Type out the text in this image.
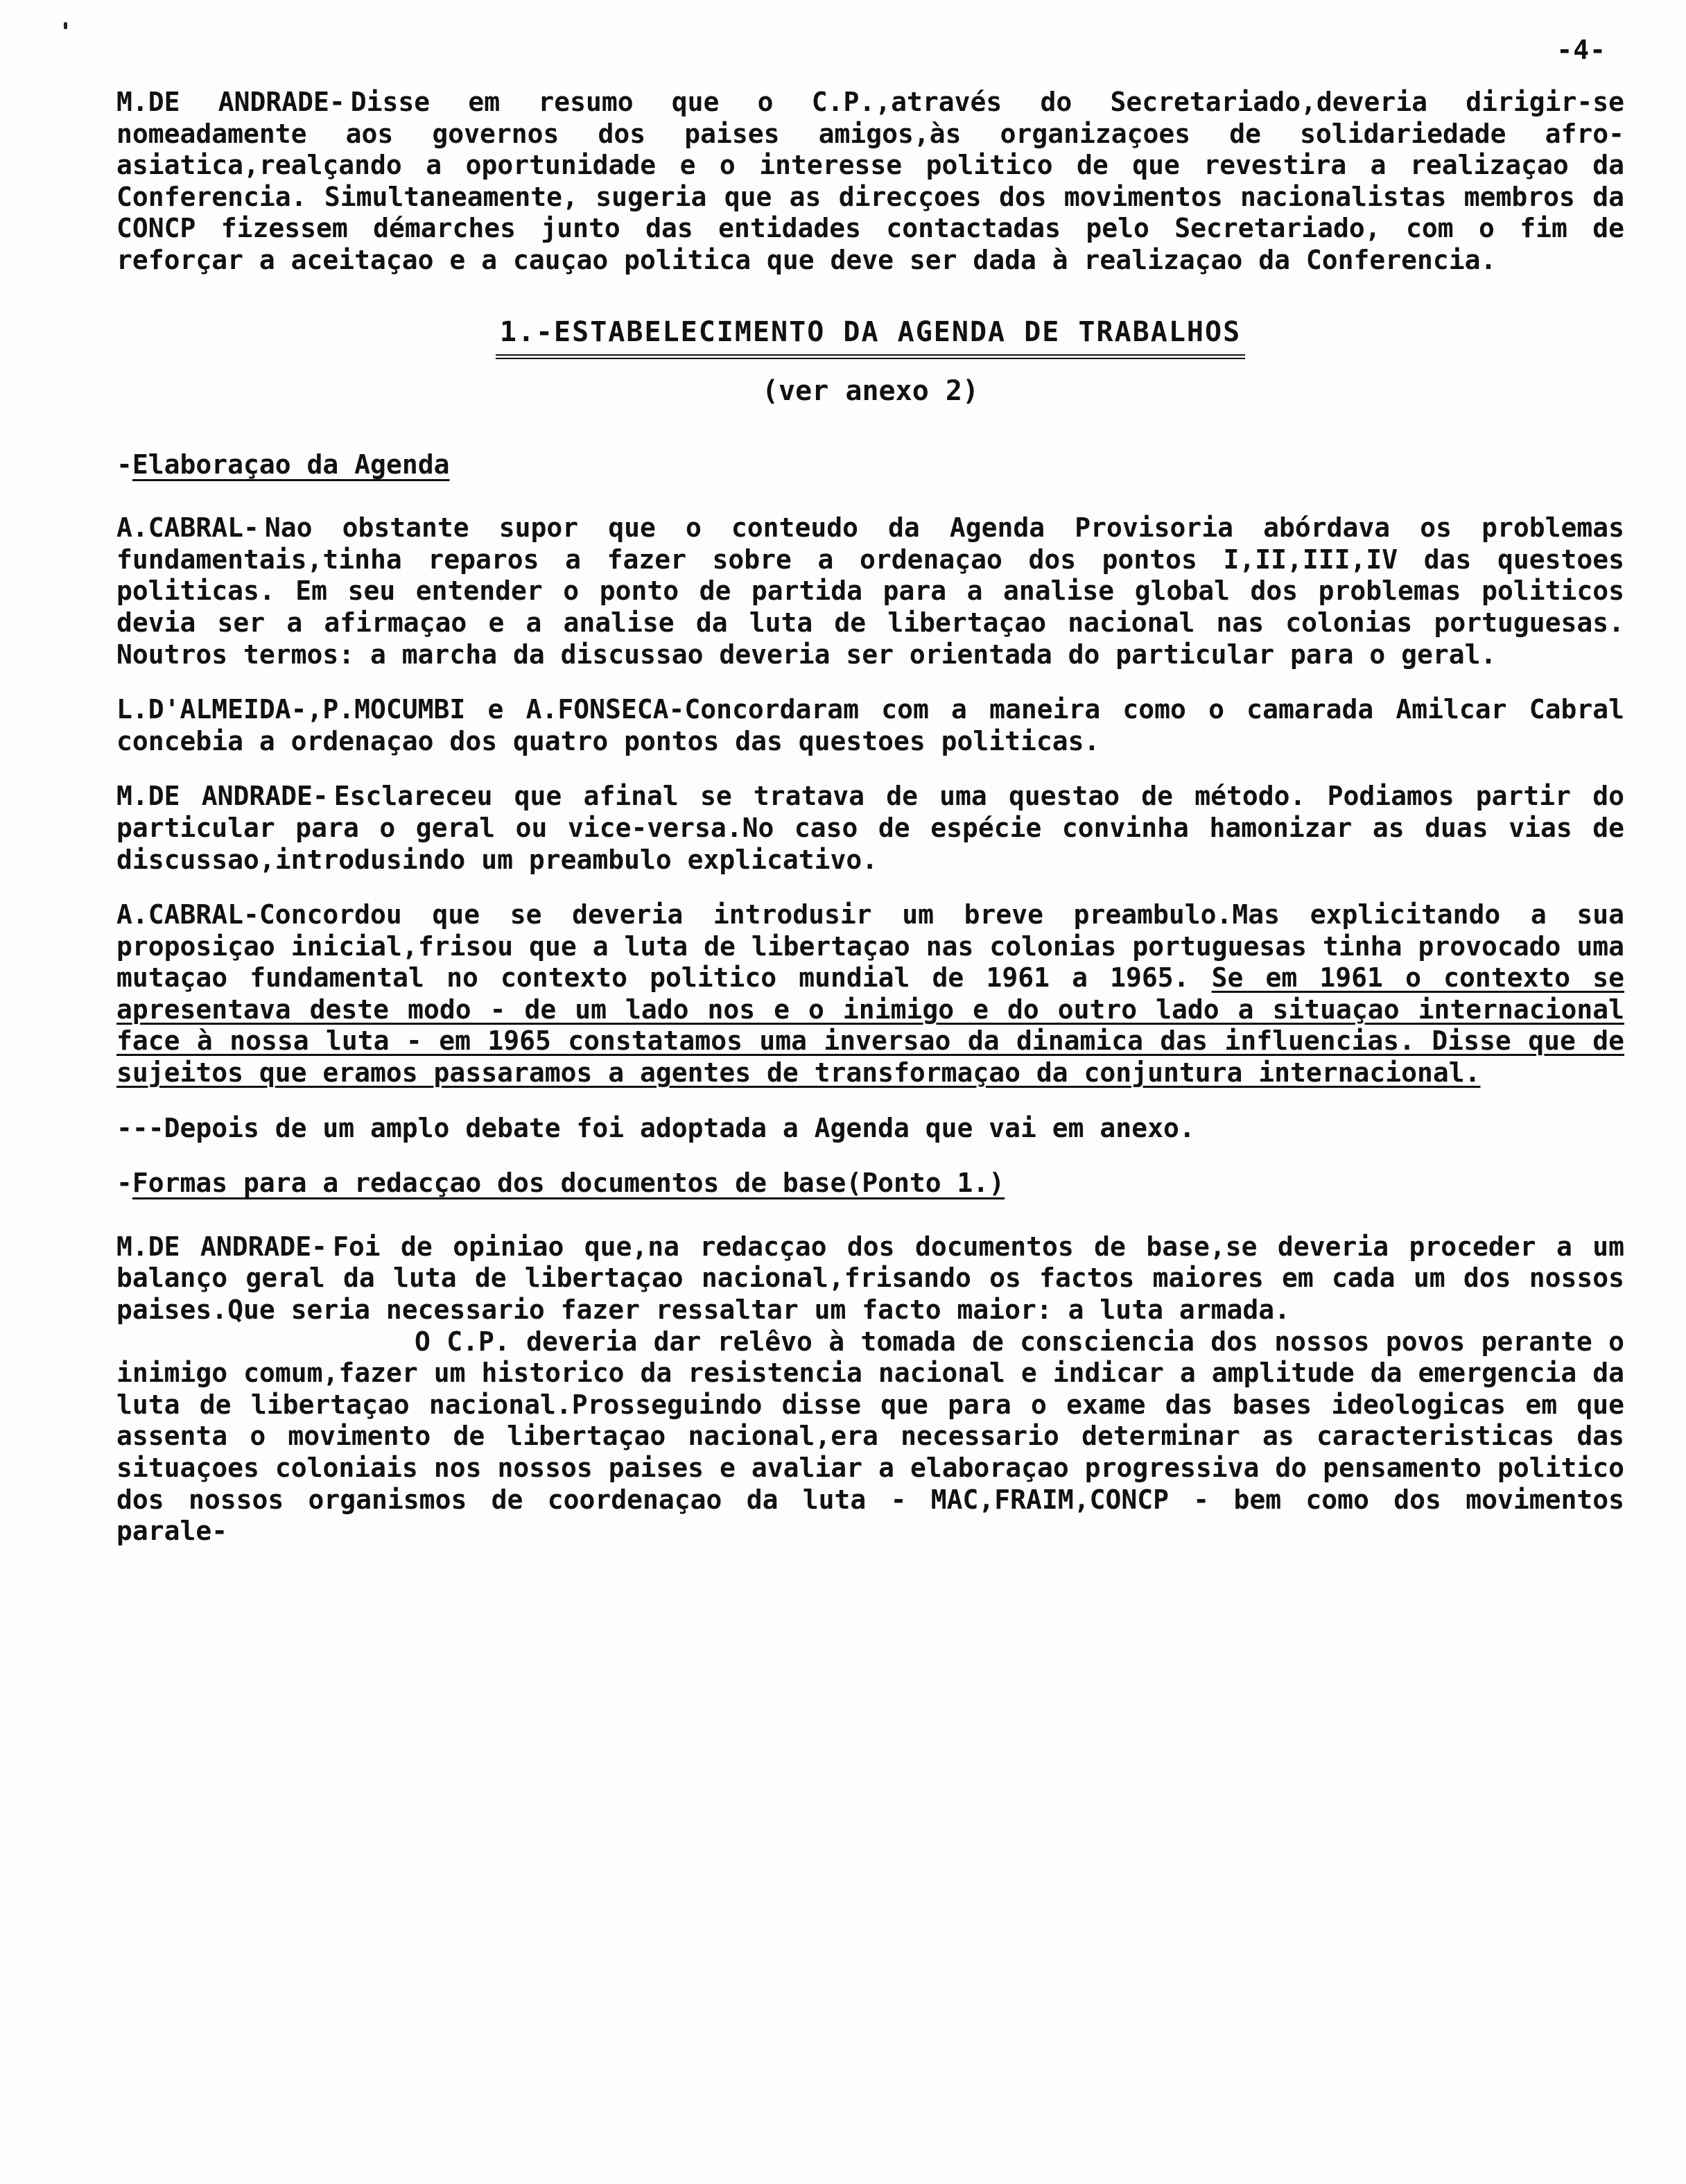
-4-

M.DE ANDRADE- Disse em resumo que o C.P.,através do Secretariado,deveria dirigir-se nomeadamente aos governos dos paises amigos,às organizaçoes de solidariedade afro-asiatica,realçando a oportunidade e o interesse politico de que revestira a realizaçao da Conferencia. Simultaneamente, sugeria que as direcçoes dos movimentos nacionalistas membros da CONCP fizessem démarches junto das entidades contactadas pelo Secretariado, com o fim de reforçar a aceitaçao e a cauçao politica que deve ser dada à realizaçao da Conferencia.

1.-ESTABELECIMENTO DA AGENDA DE TRABALHOS
(ver anexo 2)
-Elaboraçao da Agenda

A.CABRAL- Nao obstante supor que o conteudo da Agenda Provisoria abórdava os problemas fundamentais,tinha reparos a fazer sobre a ordenaçao dos pontos I,II,III,IV das questoes politicas. Em seu entender o ponto de partida para a analise global dos problemas politicos devia ser a afirmaçao e a analise da luta de libertaçao nacional nas colonias portuguesas. Noutros termos: a marcha da discussao deveria ser orientada do particular para o geral.

L.D'ALMEIDA-,P.MOCUMBI e A.FONSECA-Concordaram com a maneira como o camarada Amilcar Cabral concebia a ordenaçao dos quatro pontos das questoes politicas.

M.DE ANDRADE- Esclareceu que afinal se tratava de uma questao de método. Podiamos partir do particular para o geral ou vice-versa.No caso de espécie convinha hamonizar as duas vias de discussao,introdusindo um preambulo explicativo.

A.CABRAL-Concordou que se deveria introdusir um breve preambulo.Mas explicitando a sua proposiçao inicial,frisou que a luta de libertaçao nas colonias portuguesas tinha provocado uma mutaçao fundamental no contexto politico mundial de 1961 a 1965. Se em 1961 o contexto se apresentava deste modo - de um lado nos e o inimigo e do outro lado a situaçao internacional face à nossa luta - em 1965 constatamos uma inversao da dinamica das influencias. Disse que de sujeitos que eramos passaramos a agentes de transformaçao da conjuntura internacional.

---Depois de um amplo debate foi adoptada a Agenda que vai em anexo.

-Formas para a redacçao dos documentos de base(Ponto 1.)

M.DE ANDRADE- Foi de opiniao que,na redacçao dos documentos de base,se deveria proceder a um balanço geral da luta de libertaçao nacional,frisando os factos maiores em cada um dos nossos paises.Que seria necessario fazer ressaltar um facto maior: a luta armada.

O C.P. deveria dar relêvo à tomada de consciencia dos nossos povos perante o inimigo comum,fazer um historico da resistencia nacional e indicar a amplitude da emergencia da luta de libertaçao nacional.Prosseguindo disse que para o exame das bases ideologicas em que assenta o movimento de libertaçao nacional,era necessario determinar as caracteristicas das situaçoes coloniais nos nossos paises e avaliar a elaboraçao progressiva do pensamento politico dos nossos organismos de coordenaçao da luta - MAC,FRAIM,CONCP - bem como dos movimentos parale-
